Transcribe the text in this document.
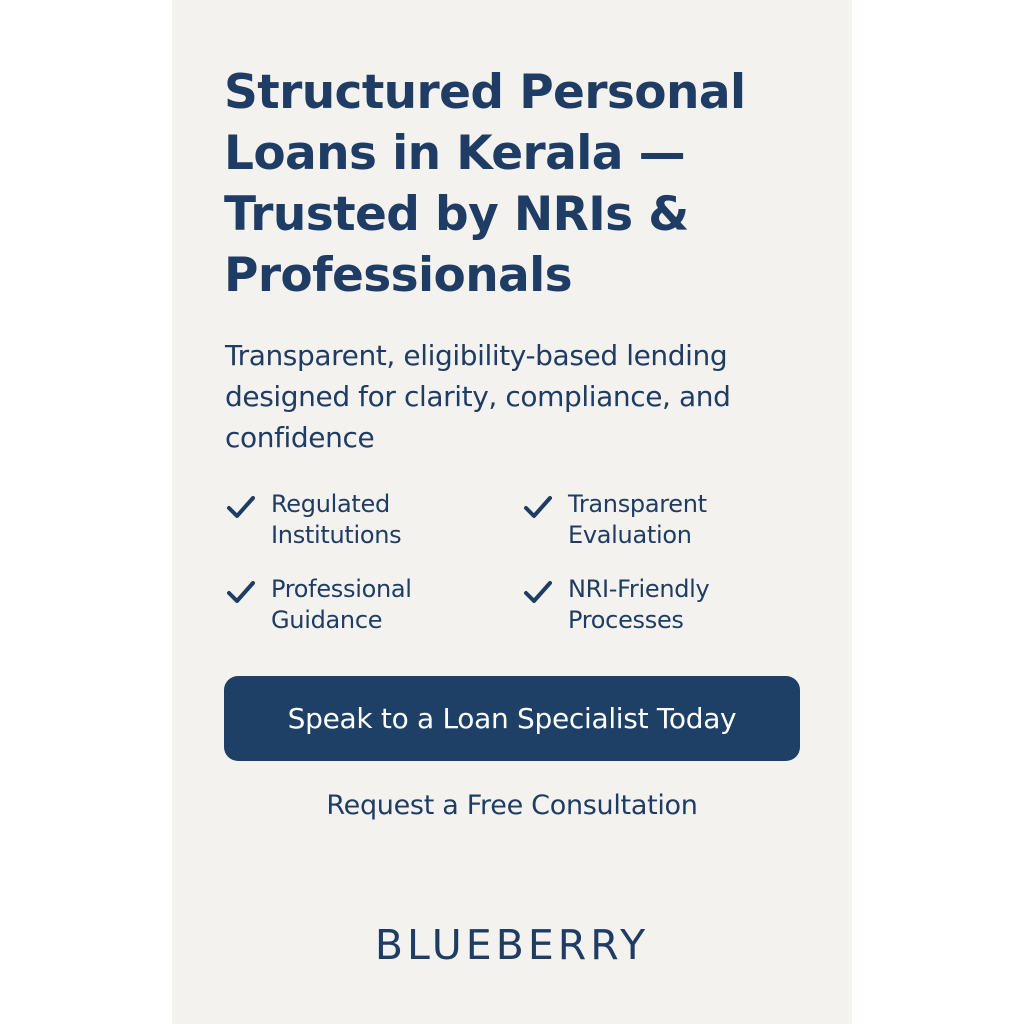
Structured Personal
Loans in Kerala —
Trusted by NRIs &
Professionals

Transparent, eligibility-based lending
designed for clarity, compliance, and
confidence

Regulated
Institutions
Transparent
Evaluation
Professional
Guidance
NRI-Friendly
Processes
Speak to a Loan Specialist Today
Request a Free Consultation
BLUEBERRY
